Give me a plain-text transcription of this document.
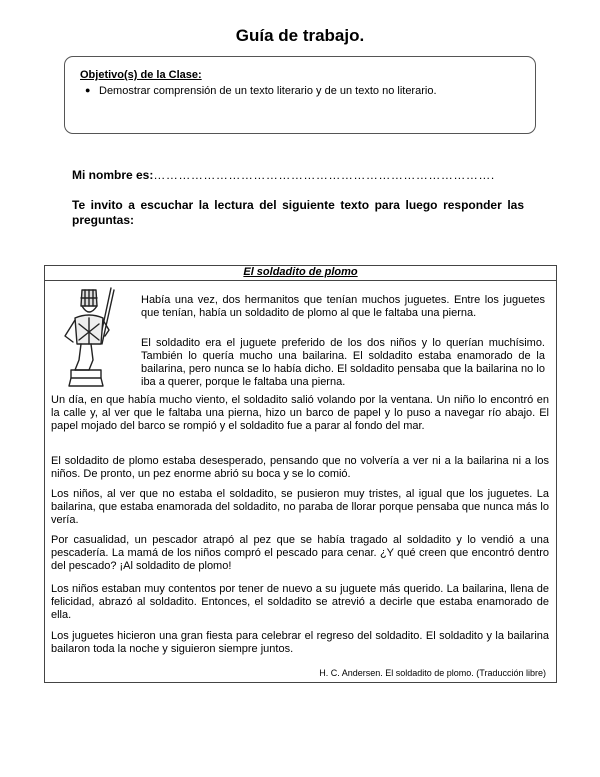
Guía de trabajo.
Objetivo(s) de la Clase:
● Demostrar comprensión de un texto literario y de un texto no literario.
Mi nombre es:……………………………………………………………………….
Te invito a escuchar la lectura del siguiente texto para luego responder las preguntas:
El soldadito de plomo

Había una vez, dos hermanitos que tenían muchos juguetes. Entre los juguetes que tenían, había un soldadito de plomo al que le faltaba una pierna.

El soldadito era el juguete preferido de los dos niños y lo querían muchísimo. También lo quería mucho una bailarina. El soldadito estaba enamorado de la bailarina, pero nunca se lo había dicho. El soldadito pensaba que la bailarina no lo iba a querer, porque le faltaba una pierna.

Un día, en que había mucho viento, el soldadito salió volando por la ventana. Un niño lo encontró en la calle y, al ver que le faltaba una pierna, hizo un barco de papel y lo puso a navegar río abajo. El papel mojado del barco se rompió y el soldadito fue a parar al fondo del mar.

El soldadito de plomo estaba desesperado, pensando que no volvería a ver ni a la bailarina ni a los niños. De pronto, un pez enorme abrió su boca y se lo comió.

Los niños, al ver que no estaba el soldadito, se pusieron muy tristes, al igual que los juguetes. La bailarina, que estaba enamorada del soldadito, no paraba de llorar porque pensaba que nunca más lo vería.

Por casualidad, un pescador atrapó al pez que se había tragado al soldadito y lo vendió a una pescadería. La mamá de los niños compró el pescado para cenar. ¿Y qué creen que encontró dentro del pescado? ¡Al soldadito de plomo!

Los niños estaban muy contentos por tener de nuevo a su juguete más querido. La bailarina, llena de felicidad, abrazó al soldadito. Entonces, el soldadito se atrevió a decirle que estaba enamorado de ella.

Los juguetes hicieron una gran fiesta para celebrar el regreso del soldadito. El soldadito y la bailarina bailaron toda la noche y siguieron siempre juntos.

H. C. Andersen. El soldadito de plomo. (Traducción libre)
